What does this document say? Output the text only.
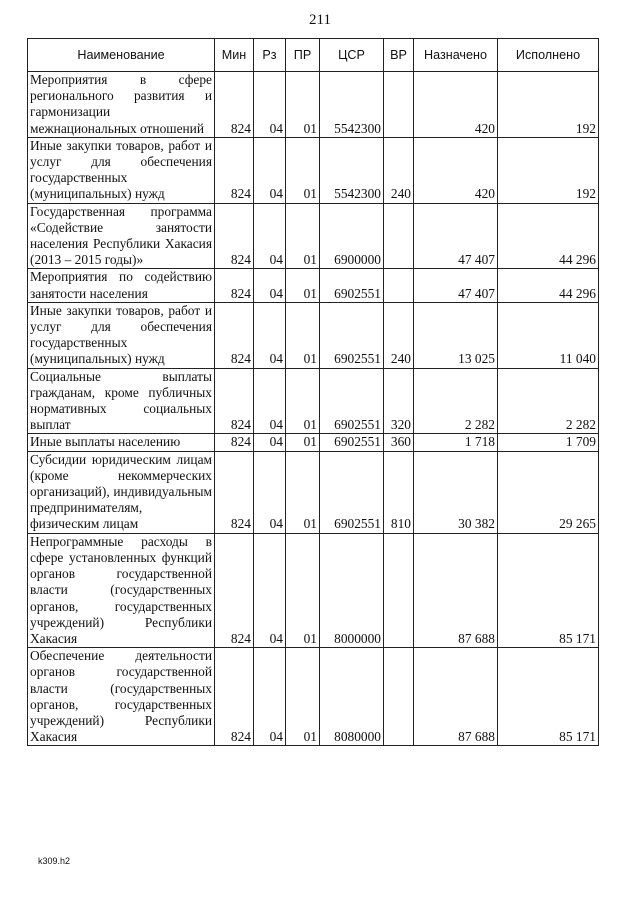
211
Наименование	Мин	Рз	ПР	ЦСР	ВР	Назначено	Исполнено
Мероприятия в сфере регионального развития и гармонизации межнациональных отношений	824	04	01	5542300		420	192
Иные закупки товаров, работ и услуг для обеспечения государственных (муниципальных) нужд	824	04	01	5542300	240	420	192
Государственная программа «Содействие занятости населения Республики Хакасия (2013 – 2015 годы)»	824	04	01	6900000		47 407	44 296
Мероприятия по содействию занятости населения	824	04	01	6902551		47 407	44 296
Иные закупки товаров, работ и услуг для обеспечения государственных (муниципальных) нужд	824	04	01	6902551	240	13 025	11 040
Социальные выплаты гражданам, кроме публичных нормативных социальных выплат	824	04	01	6902551	320	2 282	2 282
Иные выплаты населению	824	04	01	6902551	360	1 718	1 709
Субсидии юридическим лицам (кроме некоммерческих организаций), индивидуальным предпринимателям, физическим лицам	824	04	01	6902551	810	30 382	29 265
Непрограммные расходы в сфере установленных функций органов государственной власти (государственных органов, государственных учреждений) Республики Хакасия	824	04	01	8000000		87 688	85 171
Обеспечение деятельности органов государственной власти (государственных органов, государственных учреждений) Республики Хакасия	824	04	01	8080000		87 688	85 171
k309.h2
